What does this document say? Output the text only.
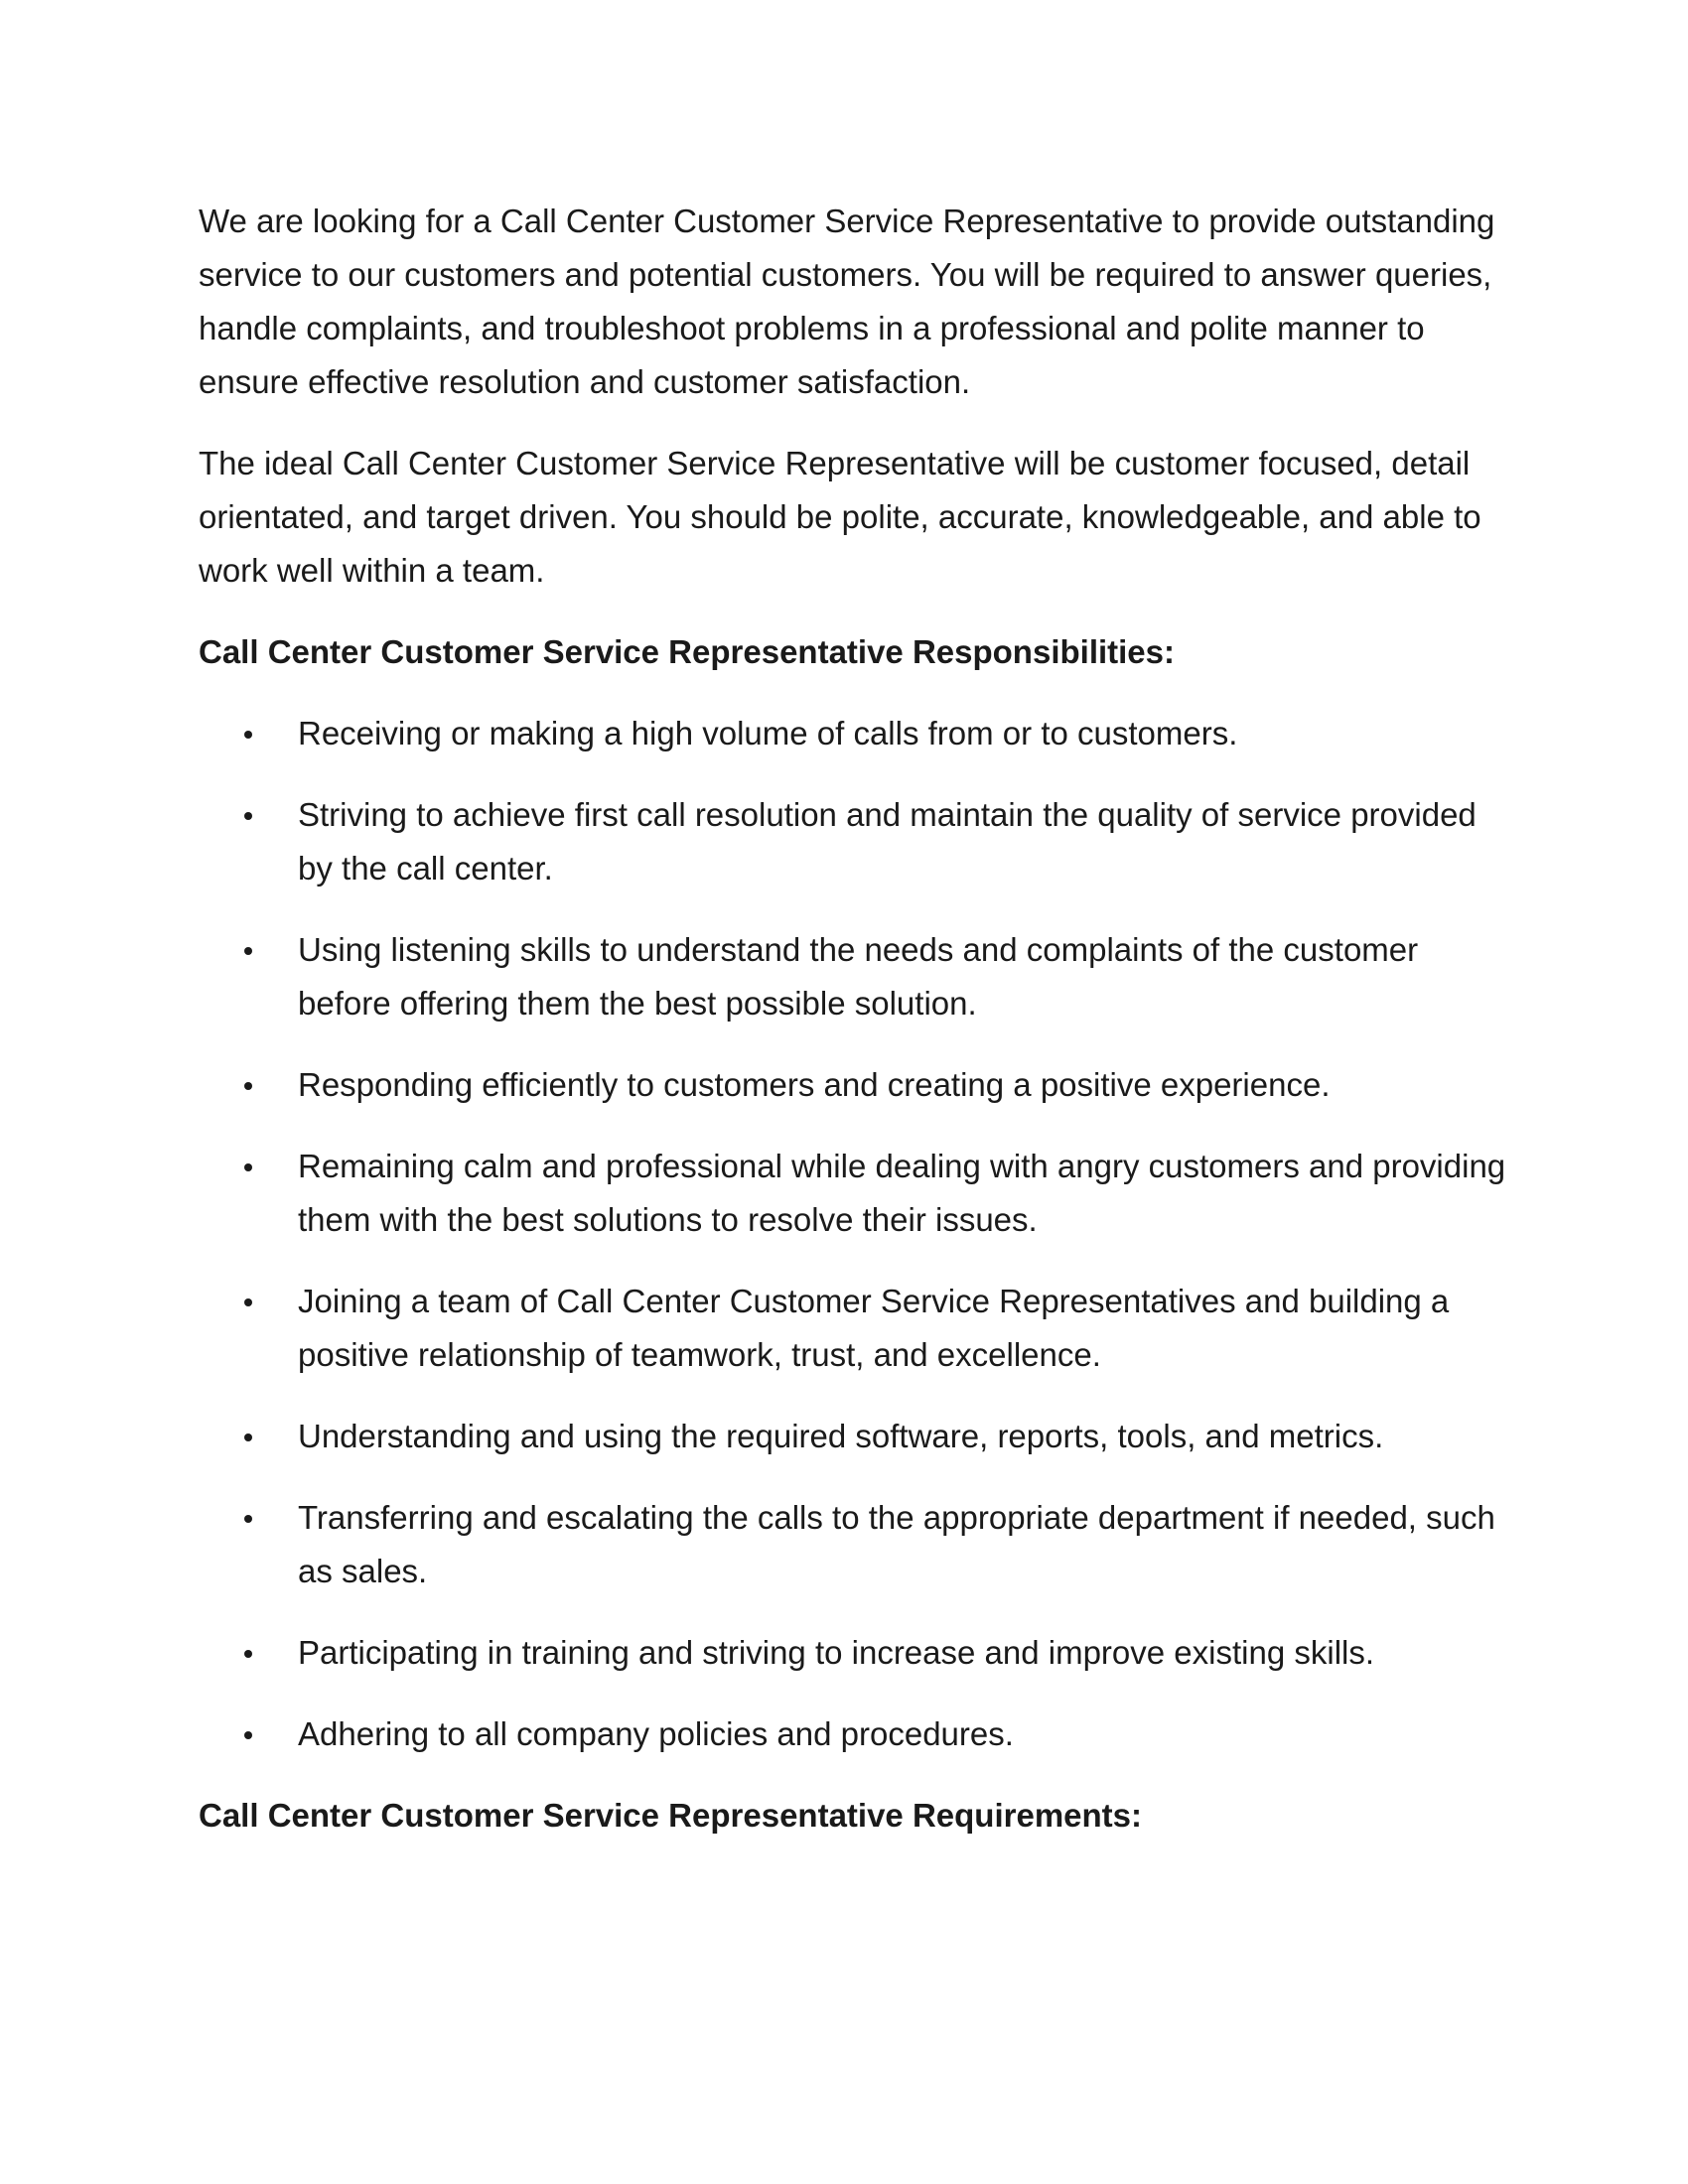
We are looking for a Call Center Customer Service Representative to provide outstanding service to our customers and potential customers. You will be required to answer queries, handle complaints, and troubleshoot problems in a professional and polite manner to ensure effective resolution and customer satisfaction.

The ideal Call Center Customer Service Representative will be customer focused, detail orientated, and target driven. You should be polite, accurate, knowledgeable, and able to work well within a team.

Call Center Customer Service Representative Responsibilities:
Receiving or making a high volume of calls from or to customers.
Striving to achieve first call resolution and maintain the quality of service provided by the call center.
Using listening skills to understand the needs and complaints of the customer before offering them the best possible solution.
Responding efficiently to customers and creating a positive experience.
Remaining calm and professional while dealing with angry customers and providing them with the best solutions to resolve their issues.
Joining a team of Call Center Customer Service Representatives and building a positive relationship of teamwork, trust, and excellence.
Understanding and using the required software, reports, tools, and metrics.
Transferring and escalating the calls to the appropriate department if needed, such as sales.
Participating in training and striving to increase and improve existing skills.
Adhering to all company policies and procedures.
Call Center Customer Service Representative Requirements:
